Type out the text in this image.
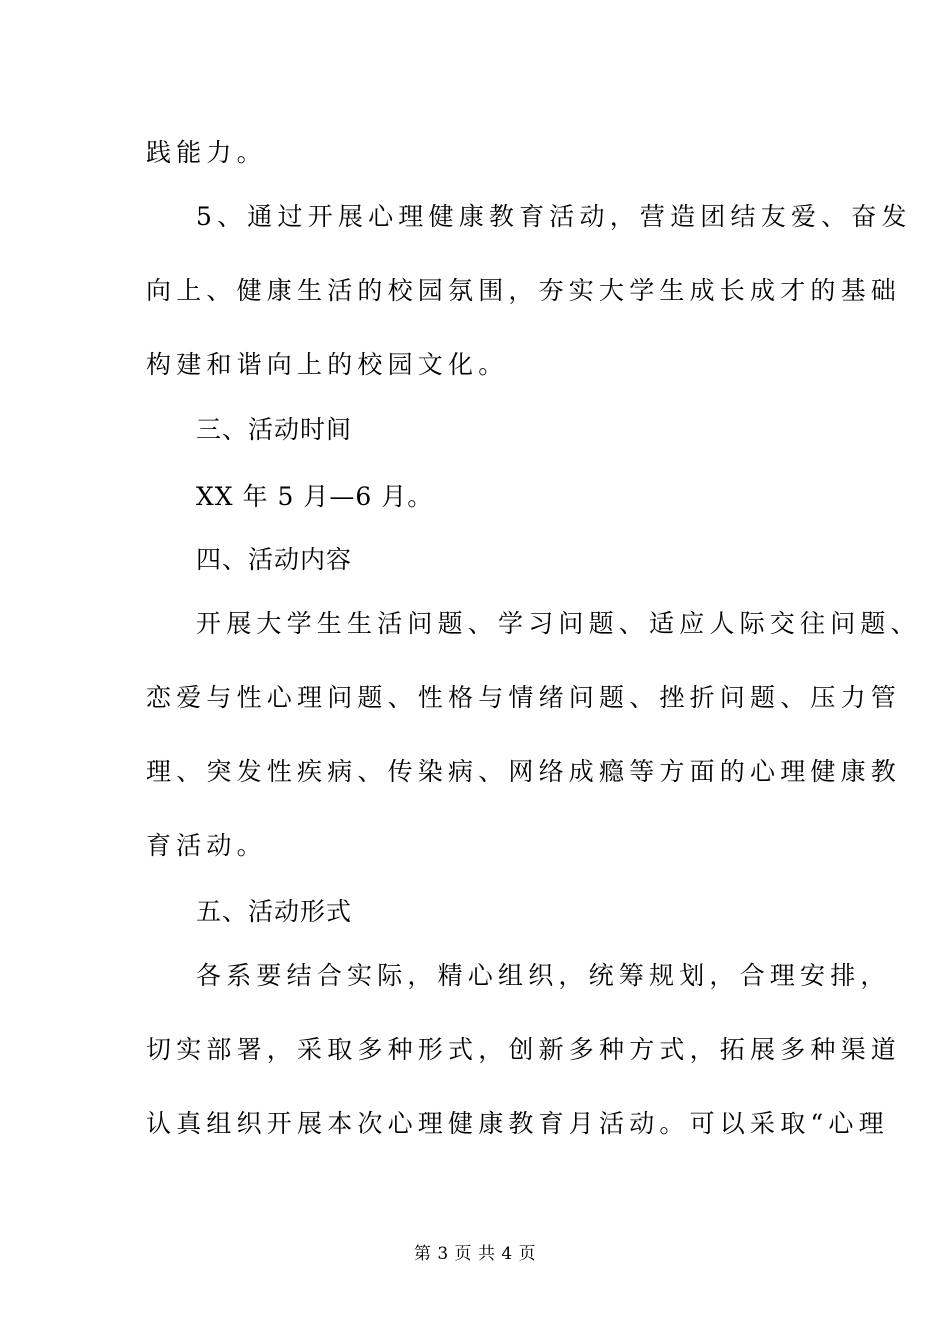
践能力。
5、通过开展心理健康教育活动，营造团结友爱、奋发
向上、健康生活的校园氛围，夯实大学生成长成才的基础
构建和谐向上的校园文化。
三、活动时间
XX 年 5 月—6 月。
四、活动内容
开展大学生生活问题、学习问题、适应人际交往问题、
恋爱与性心理问题、性格与情绪问题、挫折问题、压力管
理、突发性疾病、传染病、网络成瘾等方面的心理健康教
育活动。
五、活动形式
各系要结合实际，精心组织，统筹规划，合理安排，
切实部署，采取多种形式，创新多种方式，拓展多种渠道
认真组织开展本次心理健康教育月活动。可以采取“心理
第 3 页 共 4 页
